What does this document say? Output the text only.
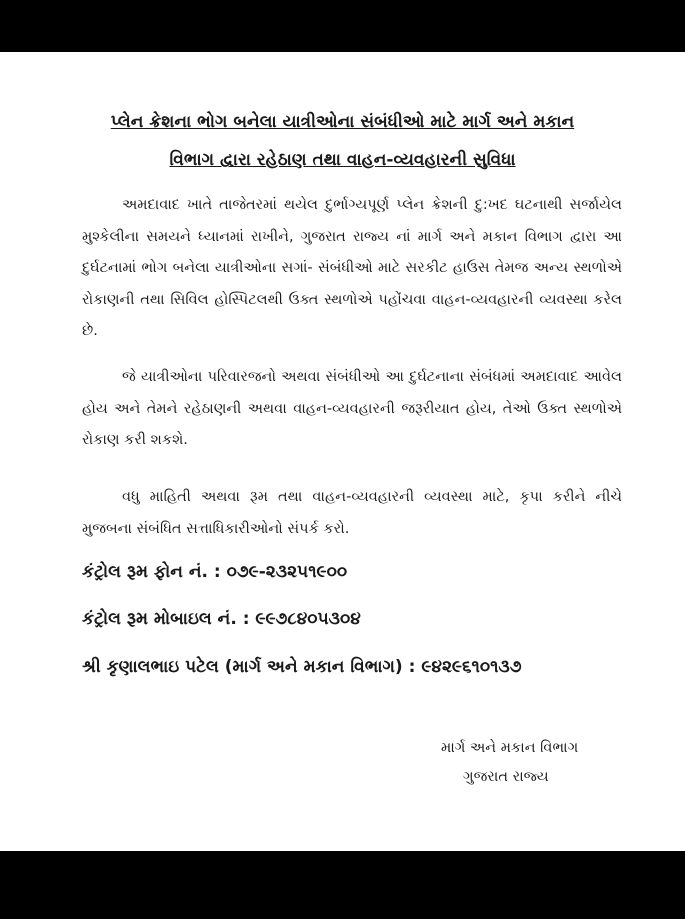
પ્લેન ક્રેશના ભોગ બનેલા યાત્રીઓના સંબંધીઓ માટે માર્ગ અને મકાન
વિભાગ દ્વારા રહેઠાણ તથા વાહન-વ્યવહારની સુવિધા
અમદાવાદ ખાતે તાજેતરમાં થયેલ દુર્ભાગ્યપૂર્ણ પ્લેન ક્રેશની દુ:ખદ ઘટનાથી સર્જાયેલ મુશ્કેલીના સમયને ધ્યાનમાં રાખીને, ગુજરાત રાજ્ય નાં માર્ગ અને મકાન વિભાગ દ્વારા આ દુર્ઘટનામાં ભોગ બનેલા યાત્રીઓના સગાં- સંબંધીઓ માટે સરકીટ હાઉસ તેમજ અન્ય સ્થળોએ રોકાણની તથા સિવિલ હોસ્પિટલથી ઉક્ત સ્થળોએ પહોંચવા વાહન-વ્યવહારની વ્યવસ્થા કરેલ છે.
જે યાત્રીઓના પરિવારજનો અથવા સંબંધીઓ આ દુર્ઘટનાના સંબંધમાં અમદાવાદ આવેલ હોય અને તેમને રહેઠાણની અથવા વાહન-વ્યવહારની જરૂરીયાત હોય, તેઓ ઉક્ત સ્થળોએ રોકાણ કરી શકશે.
વધુ માહિતી અથવા રૂમ તથા વાહન-વ્યવહારની વ્યવસ્થા માટે, કૃપા કરીને નીચે મુજબના સંબંધિત સત્તાધિકારીઓનો સંપર્ક કરો.
કંટ્રોલ રૂમ ફોન નં. : ૦૭૯-૨૩૨૫૧૯૦૦
કંટ્રોલ રૂમ મોબાઇલ નં. : ૯૯૭૮૪૦૫૩૦૪
શ્રી કૃણાલભાઇ પટેલ (માર્ગ અને મકાન વિભાગ) : ૯૪૨૯૬૧૦૧૩૭
માર્ગ અને મકાન વિભાગ
ગુજરાત રાજ્ય
